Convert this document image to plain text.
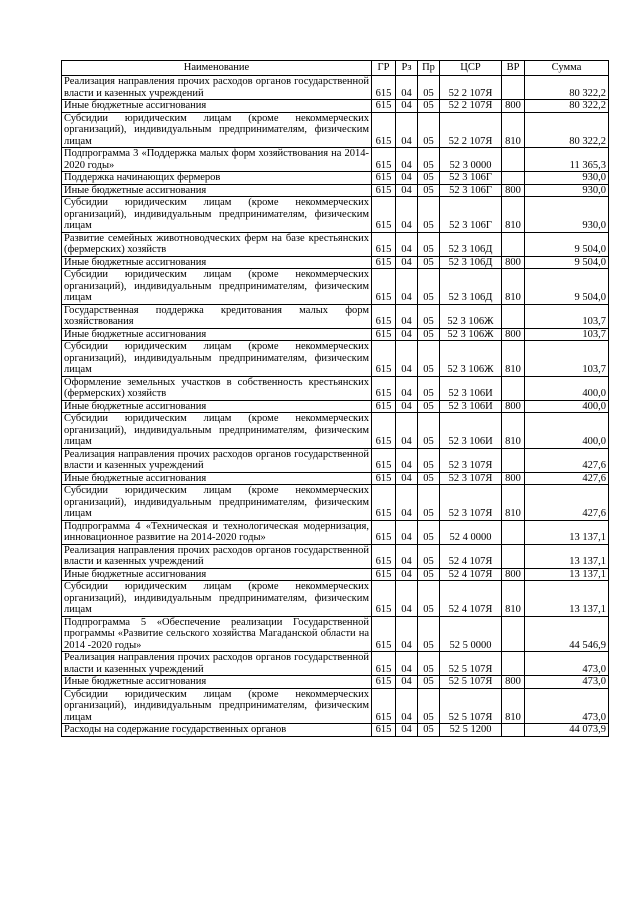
Наименование	ГР	Рз	Пр	ЦСР	ВР	Сумма
Реализация направления прочих расходов органов государственной власти и казенных учреждений	615	04	05	52 2 107Я		80 322,2
Иные бюджетные ассигнования	615	04	05	52 2 107Я	800	80 322,2
Субсидии юридическим лицам (кроме некоммерческих организаций), индивидуальным предпринимателям, физическим лицам	615	04	05	52 2 107Я	810	80 322,2
Подпрограмма 3 «Поддержка малых форм хозяйствования на 2014-2020 годы»	615	04	05	52 3 0000		11 365,3
Поддержка начинающих фермеров	615	04	05	52 3 106Г		930,0
Иные бюджетные ассигнования	615	04	05	52 3 106Г	800	930,0
Субсидии юридическим лицам (кроме некоммерческих организаций), индивидуальным предпринимателям, физическим лицам	615	04	05	52 3 106Г	810	930,0
Развитие семейных животноводческих ферм на базе крестьянских (фермерских) хозяйств	615	04	05	52 3 106Д		9 504,0
Иные бюджетные ассигнования	615	04	05	52 3 106Д	800	9 504,0
Субсидии юридическим лицам (кроме некоммерческих организаций), индивидуальным предпринимателям, физическим лицам	615	04	05	52 3 106Д	810	9 504,0
Государственная поддержка кредитования малых форм хозяйствования	615	04	05	52 3 106Ж		103,7
Иные бюджетные ассигнования	615	04	05	52 3 106Ж	800	103,7
Субсидии юридическим лицам (кроме некоммерческих организаций), индивидуальным предпринимателям, физическим лицам	615	04	05	52 3 106Ж	810	103,7
Оформление земельных участков в собственность крестьянских (фермерских) хозяйств	615	04	05	52 3 106И		400,0
Иные бюджетные ассигнования	615	04	05	52 3 106И	800	400,0
Субсидии юридическим лицам (кроме некоммерческих организаций), индивидуальным предпринимателям, физическим лицам	615	04	05	52 3 106И	810	400,0
Реализация направления прочих расходов органов государственной власти и казенных учреждений	615	04	05	52 3 107Я		427,6
Иные бюджетные ассигнования	615	04	05	52 3 107Я	800	427,6
Субсидии юридическим лицам (кроме некоммерческих организаций), индивидуальным предпринимателям, физическим лицам	615	04	05	52 3 107Я	810	427,6
Подпрограмма 4 «Техническая и технологическая модернизация, инновационное развитие на 2014-2020 годы»	615	04	05	52 4 0000		13 137,1
Реализация направления прочих расходов органов государственной власти и казенных учреждений	615	04	05	52 4 107Я		13 137,1
Иные бюджетные ассигнования	615	04	05	52 4 107Я	800	13 137,1
Субсидии юридическим лицам (кроме некоммерческих организаций), индивидуальным предпринимателям, физическим лицам	615	04	05	52 4 107Я	810	13 137,1
Подпрограмма 5 «Обеспечение реализации Государственной программы «Развитие сельского хозяйства Магаданской области на 2014 -2020 годы»	615	04	05	52 5 0000		44 546,9
Реализация направления прочих расходов органов государственной власти и казенных учреждений	615	04	05	52 5 107Я		473,0
Иные бюджетные ассигнования	615	04	05	52 5 107Я	800	473,0
Субсидии юридическим лицам (кроме некоммерческих организаций), индивидуальным предпринимателям, физическим лицам	615	04	05	52 5 107Я	810	473,0
Расходы на содержание государственных органов	615	04	05	52 5 1200		44 073,9
